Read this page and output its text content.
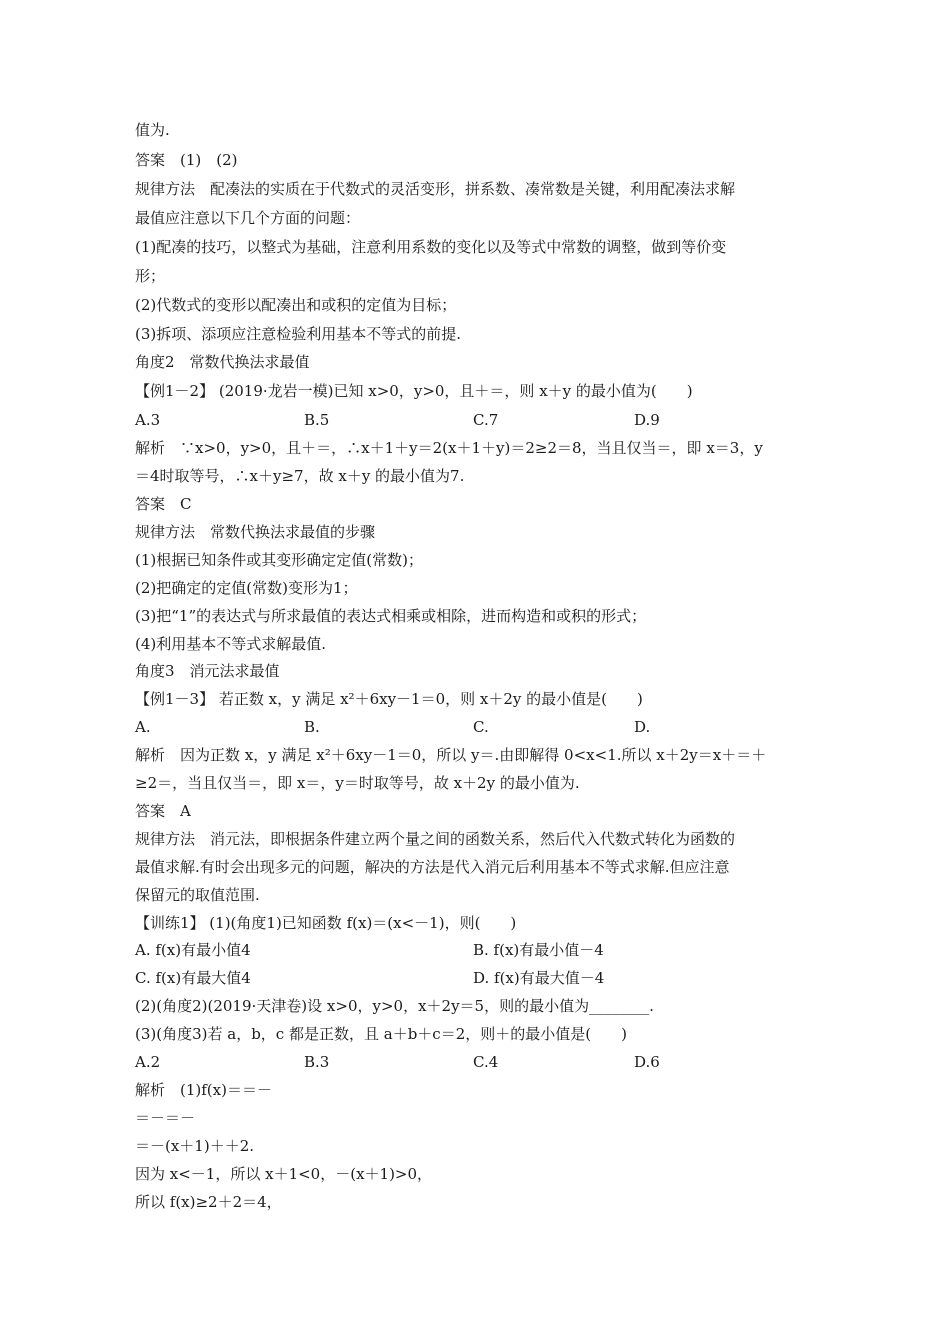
值为.
答案　(1)　(2)
规律方法　配凑法的实质在于代数式的灵活变形，拼系数、凑常数是关键，利用配凑法求解
最值应注意以下几个方面的问题：
(1)配凑的技巧，以整式为基础，注意利用系数的变化以及等式中常数的调整，做到等价变
形；
(2)代数式的变形以配凑出和或积的定值为目标；
(3)拆项、添项应注意检验利用基本不等式的前提.
角度2　常数代换法求最值
【例1－2】 (2019·龙岩一模)已知 x>0，y>0，且＋＝，则 x＋y 的最小值为(　　)
A.3	B.5	C.7	D.9
解析　∵x>0，y>0，且＋＝，∴x＋1＋y＝2(x＋1＋y)＝2≥2＝8，当且仅当＝，即 x＝3，y
＝4时取等号，∴x＋y≥7，故 x＋y 的最小值为7.
答案　C
规律方法　常数代换法求最值的步骤
(1)根据已知条件或其变形确定定值(常数)；
(2)把确定的定值(常数)变形为1；
(3)把“1”的表达式与所求最值的表达式相乘或相除，进而构造和或积的形式；
(4)利用基本不等式求解最值.
角度3　消元法求最值
【例1－3】 若正数 x，y 满足 x²＋6xy－1＝0，则 x＋2y 的最小值是(　　)
A.	B.	C.	D.
解析　因为正数 x，y 满足 x²＋6xy－1＝0，所以 y＝.由即解得 0<x<1.所以 x＋2y＝x＋＝＋
≥2＝，当且仅当＝，即 x＝，y＝时取等号，故 x＋2y 的最小值为.
答案　A
规律方法　消元法，即根据条件建立两个量之间的函数关系，然后代入代数式转化为函数的
最值求解.有时会出现多元的问题，解决的方法是代入消元后利用基本不等式求解.但应注意
保留元的取值范围.
【训练1】 (1)(角度1)已知函数 f(x)＝(x<－1)，则(　　)
A. f(x)有最小值4	B. f(x)有最小值－4
C. f(x)有最大值4	D. f(x)有最大值－4
(2)(角度2)(2019·天津卷)设 x>0，y>0，x＋2y＝5，则的最小值为________.
(3)(角度3)若 a，b，c 都是正数，且 a＋b＋c＝2，则＋的最小值是(　　)
A.2	B.3	C.4	D.6
解析　(1)f(x)＝＝－
＝－＝－
＝－(x＋1)＋＋2.
因为 x<－1，所以 x＋1<0，－(x＋1)>0，
所以 f(x)≥2＋2＝4，
